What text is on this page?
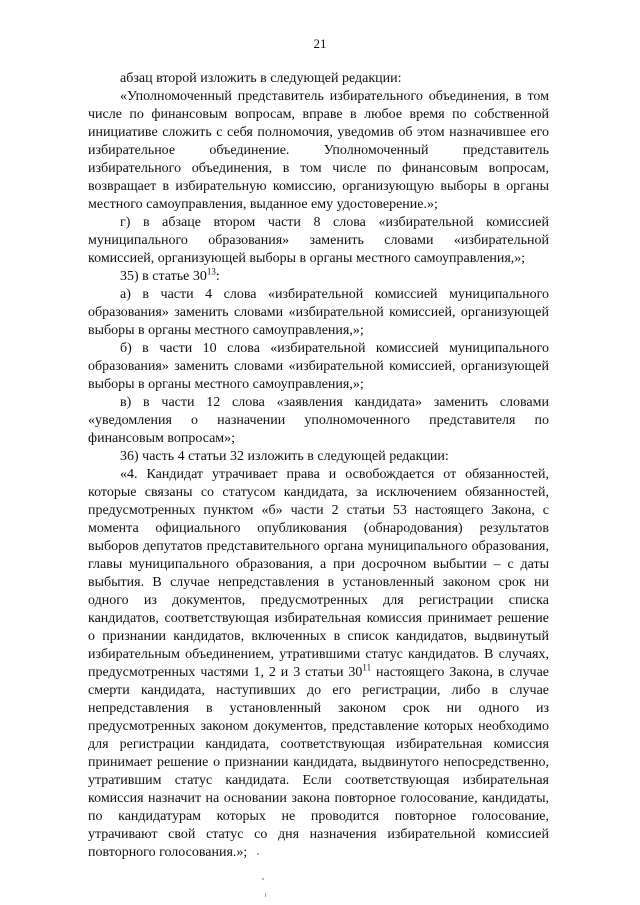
21

абзац второй изложить в следующей редакции:

«Уполномоченный представитель избирательного объединения, в том числе по финансовым вопросам, вправе в любое время по собственной инициативе сложить с себя полномочия, уведомив об этом назначившее его избирательное объединение. Уполномоченный представитель избирательного объединения, в том числе по финансовым вопросам, возвращает в избирательную комиссию, организующую выборы в органы местного самоуправления, выданное ему удостоверение.»;

г) в абзаце втором части 8 слова «избирательной комиссией муниципального образования» заменить словами «избирательной комиссией, организующей выборы в органы местного самоуправления,»;

35) в статье $30^{13}$:

а) в части 4 слова «избирательной комиссией муниципального образования» заменить словами «избирательной комиссией, организующей выборы в органы местного самоуправления,»;

б) в части 10 слова «избирательной комиссией муниципального образования» заменить словами «избирательной комиссией, организующей выборы в органы местного самоуправления,»;

в) в части 12 слова «заявления кандидата» заменить словами «уведомления о назначении уполномоченного представителя по финансовым вопросам»;

36) часть 4 статьи 32 изложить в следующей редакции:

«4. Кандидат утрачивает права и освобождается от обязанностей, которые связаны со статусом кандидата, за исключением обязанностей, предусмотренных пунктом «б» части 2 статьи 53 настоящего Закона, с момента официального опубликования (обнародования) результатов выборов депутатов представительного органа муниципального образования, главы муниципального образования, а при досрочном выбытии – с даты выбытия. В случае непредставления в установленный законом срок ни одного из документов, предусмотренных для регистрации списка кандидатов, соответствующая избирательная комиссия принимает решение о признании кандидатов, включенных в список кандидатов, выдвинутый избирательным объединением, утратившими статус кандидатов. В случаях, предусмотренных частями 1, 2 и 3 статьи $30^{11}$ настоящего Закона, в случае смерти кандидата, наступивших до его регистрации, либо в случае непредставления в установленный законом срок ни одного из предусмотренных законом документов, представление которых необходимо для регистрации кандидата, соответствующая избирательная комиссия принимает решение о признании кандидата, выдвинутого непосредственно, утратившим статус кандидата. Если соответствующая избирательная комиссия назначит на основании закона повторное голосование, кандидаты, по кандидатурам которых не проводится повторное голосование, утрачивают свой статус со дня назначения избирательной комиссией повторного голосования.»;
